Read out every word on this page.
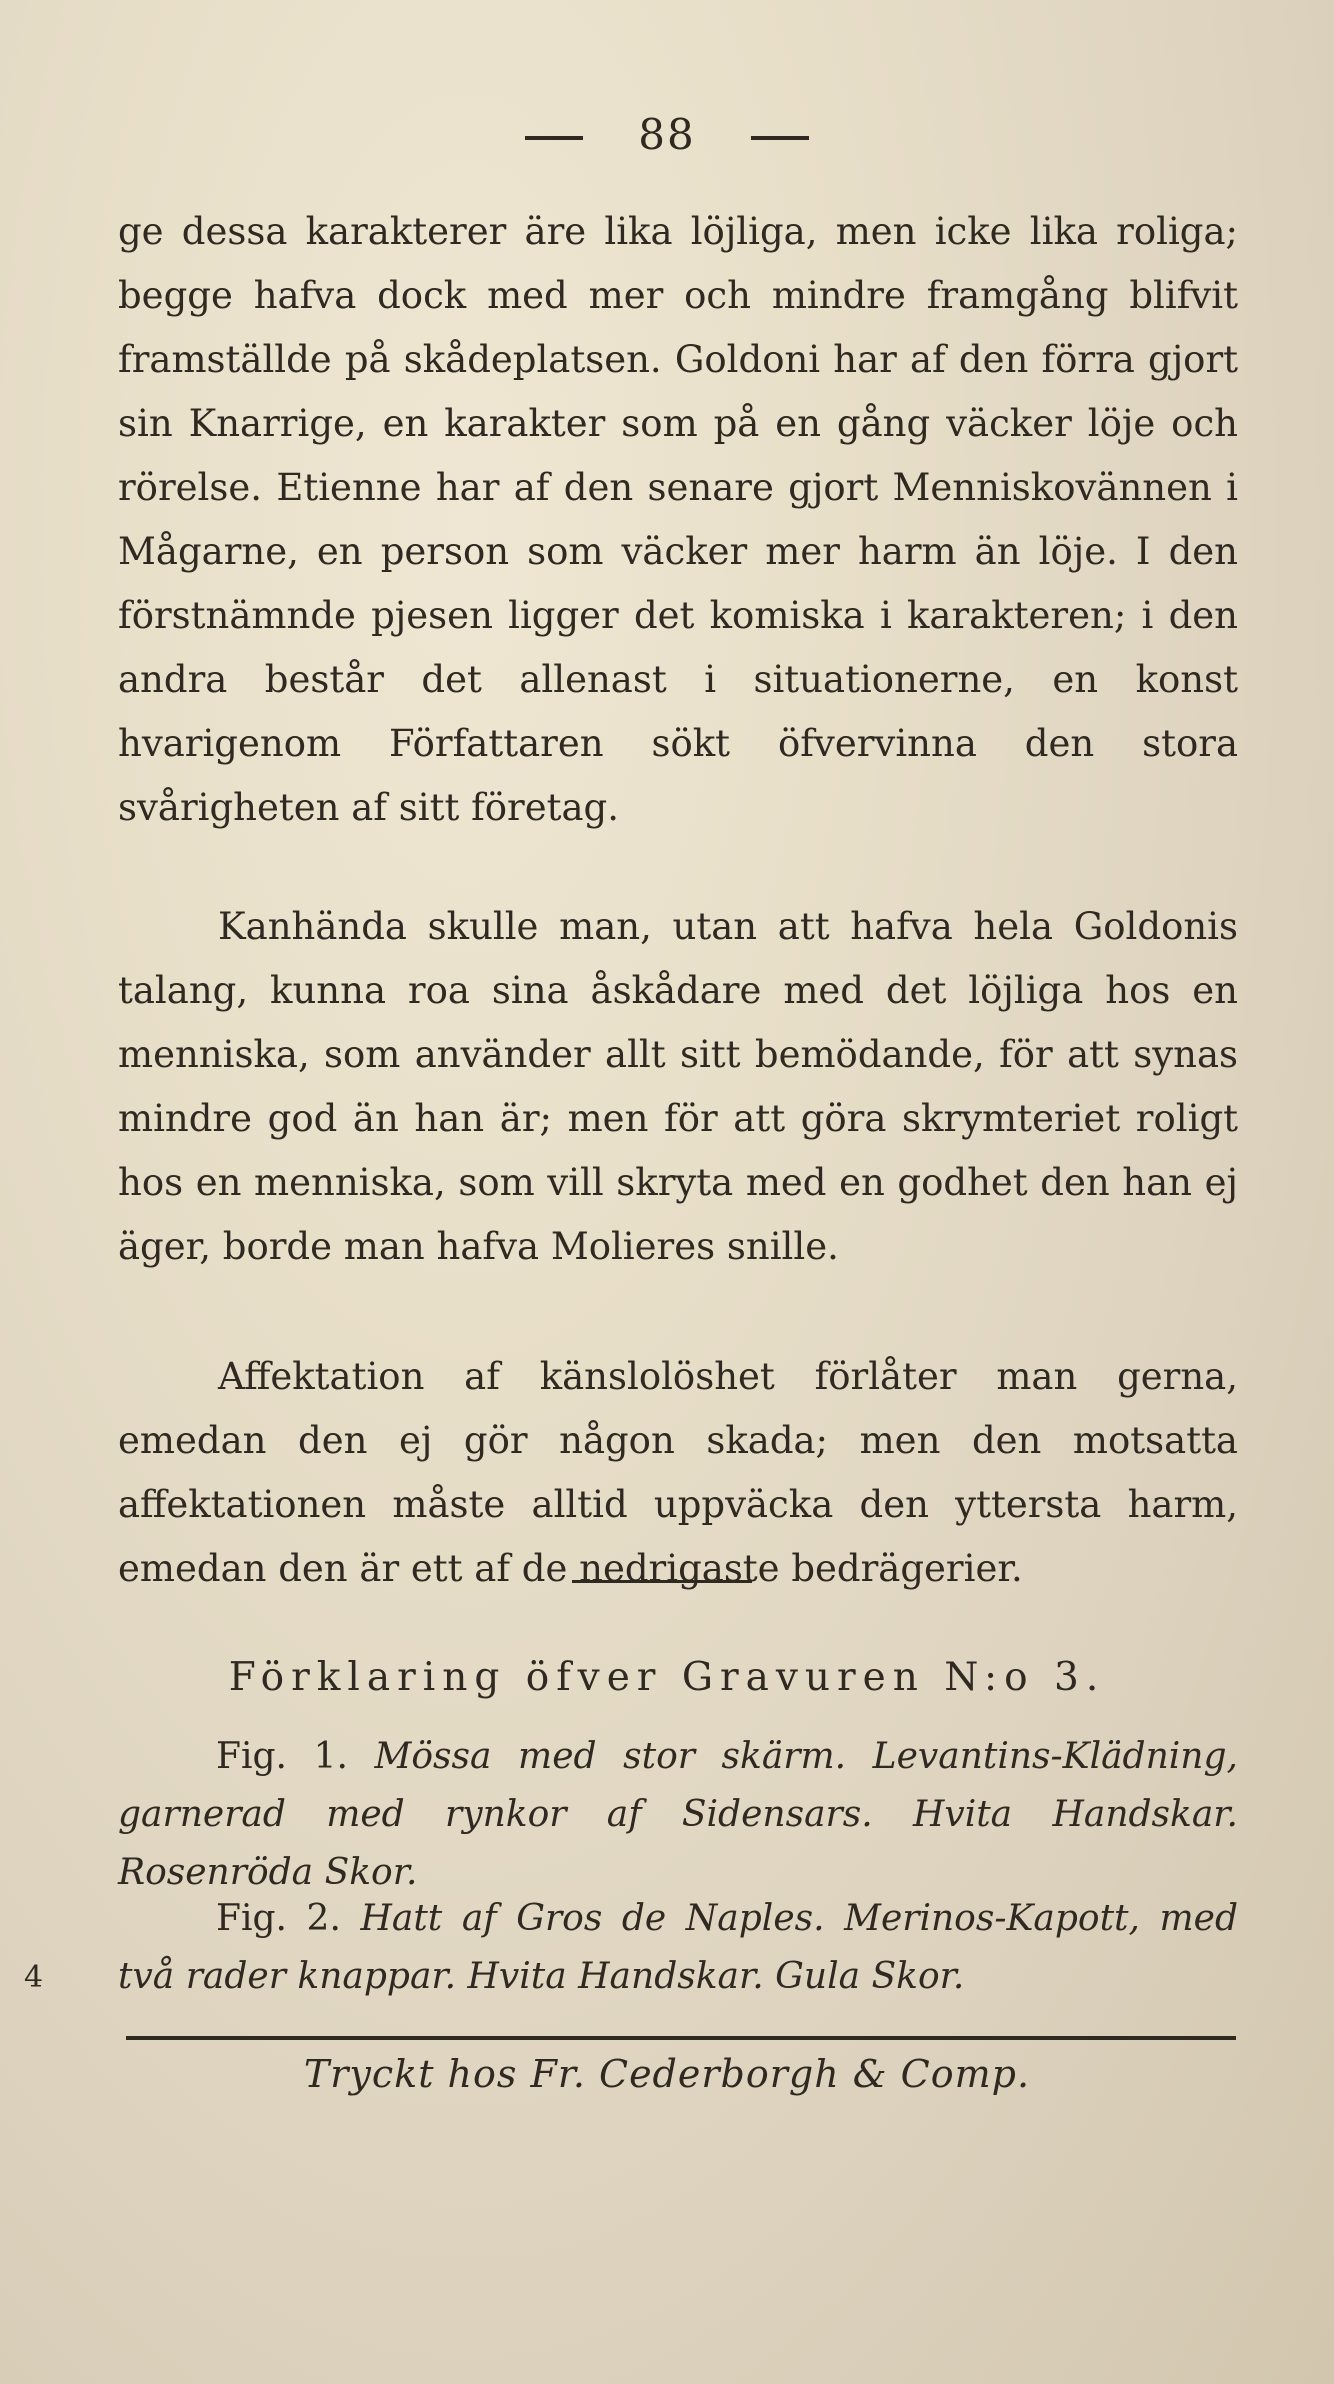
88
ge dessa karakterer äre lika löjliga, men icke lika roliga; begge hafva dock med mer och mindre framgång blifvit framställde på skådeplatsen. Goldoni har af den förra gjort sin Knarrige, en karakter som på en gång väcker löje och rörelse. Etienne har af den senare gjort Menniskovännen i Mågarne, en person som väcker mer harm än löje. I den förstnämnde pjesen ligger det komiska i karakteren; i den andra består det allenast i situationerne, en konst hvarigenom Författaren sökt öfvervinna den stora svårigheten af sitt företag.
Kanhända skulle man, utan att hafva hela Goldonis talang, kunna roa sina åskådare med det löjliga hos en menniska, som använder allt sitt bemödande, för att synas mindre god än han är; men för att göra skrymteriet roligt hos en menniska, som vill skryta med en godhet den han ej äger, borde man hafva Molieres snille.
Affektation af känslolöshet förlåter man gerna, emedan den ej gör någon skada; men den motsatta affektationen måste alltid uppväcka den yttersta harm, emedan den är ett af de nedrigaste bedrägerier.
Förklaring öfver Gravuren N:o 3.
Fig. 1. Mössa med stor skärm. Levantins-Klädning, garnerad med rynkor af Sidensars. Hvita Handskar. Rosenröda Skor.
Fig. 2. Hatt af Gros de Naples. Merinos-Kapott, med två rader knappar. Hvita Handskar. Gula Skor.
4
Tryckt hos Fr. Cederborgh & Comp.
